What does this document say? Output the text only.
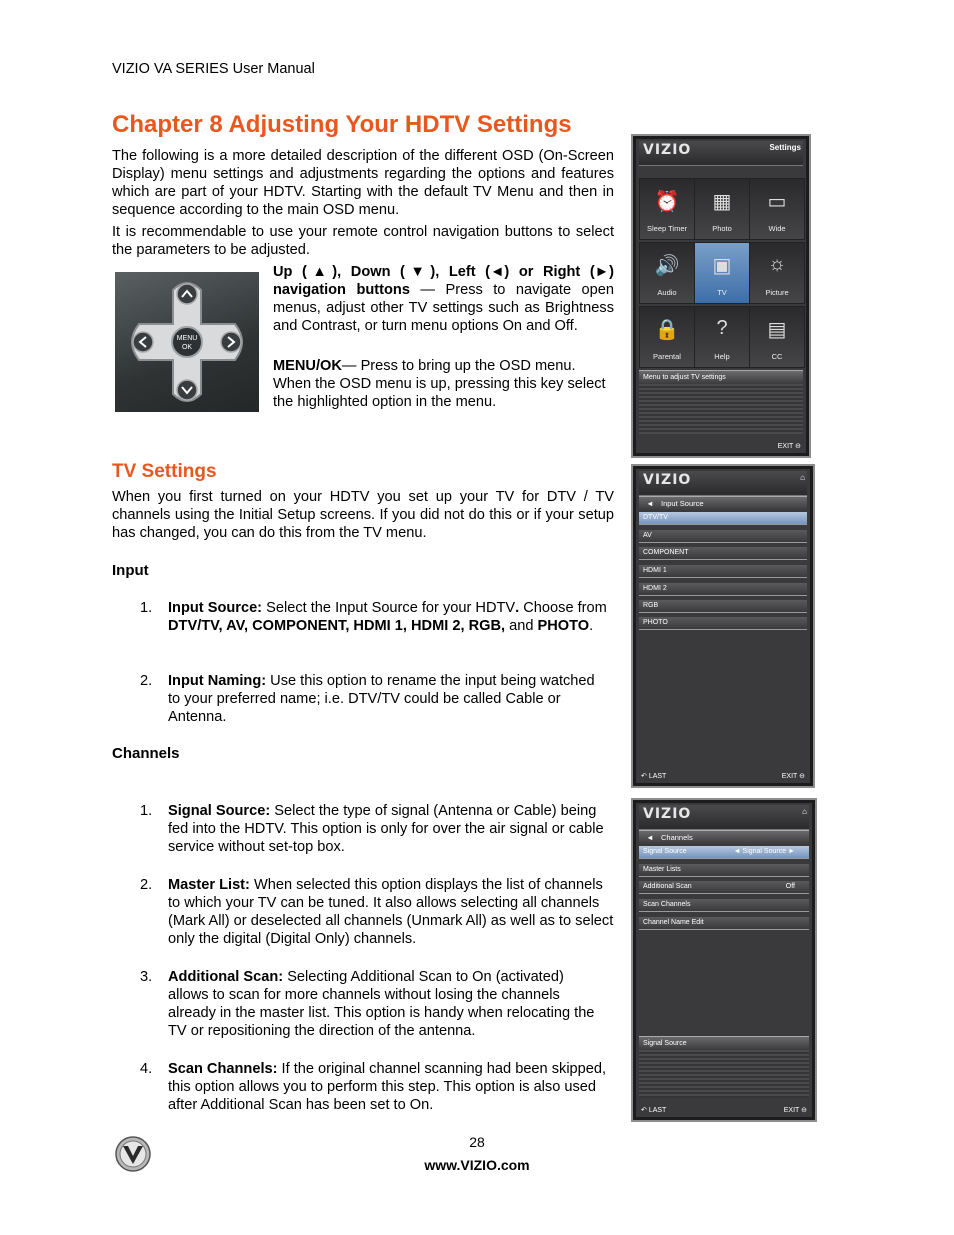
VIZIO VA SERIES User Manual
Chapter 8 Adjusting Your HDTV Settings

The following is a more detailed description of the different OSD (On-Screen Display) menu settings and adjustments regarding the options and features which are part of your HDTV. Starting with the default TV Menu and then in sequence according to the main OSD menu.

It is recommendable to use your remote control navigation buttons to select the parameters to be adjusted.

MENU
OK

Up (▲), Down (▼), Left (◄) or Right (►) navigation buttons — Press to navigate open menus, adjust other TV settings such as Brightness and Contrast, or turn menu options On and Off.

MENU/OK— Press to bring up the OSD menu. When the OSD menu is up, pressing this key select the highlighted option in the menu.

TV Settings

When you first turned on your HDTV you set up your TV for DTV / TV channels using the Initial Setup screens. If you did not do this or if your setup has changed, you can do this from the TV menu.

Input
1. Input Source: Select the Input Source for your HDTV. Choose from DTV/TV, AV, COMPONENT, HDMI 1, HDMI 2, RGB, and PHOTO.
2. Input Naming: Use this option to rename the input being watched to your preferred name; i.e. DTV/TV could be called Cable or Antenna.
Channels
1. Signal Source: Select the type of signal (Antenna or Cable) being fed into the HDTV. This option is only for over the air signal or cable service without set-top box.
2. Master List: When selected this option displays the list of channels to which your TV can be tuned. It also allows selecting all channels (Mark All) or deselected all channels (Unmark All) as well as to select only the digital (Digital Only) channels.
3. Additional Scan: Selecting Additional Scan to On (activated) allows to scan for more channels without losing the channels already in the master list. This option is handy when relocating the TV or repositioning the direction of the antenna.
4. Scan Channels: If the original channel scanning had been skipped, this option allows you to perform this step. This option is also used after Additional Scan has been set to On.
VIZIO	Settings
⏰
Sleep Timer
▦
Photo
▭
Wide
🔊
Audio
▣
TV
☼
Picture
🔒
Parental
?
Help
▤
CC
Menu to adjust TV settings
EXIT ⊖
VIZIO	⌂
◄ Input Source
DTV/TV
AV
COMPONENT
HDMI 1
HDMI 2
RGB
PHOTO
↶ LAST	EXIT ⊖
VIZIO	⌂
◄ Channels
Signal Source	◄ Signal Source ►
Master Lists
Additional Scan	Off
Scan Channels
Channel Name Edit
Signal Source
↶ LAST	EXIT ⊖
28
www.VIZIO.com
